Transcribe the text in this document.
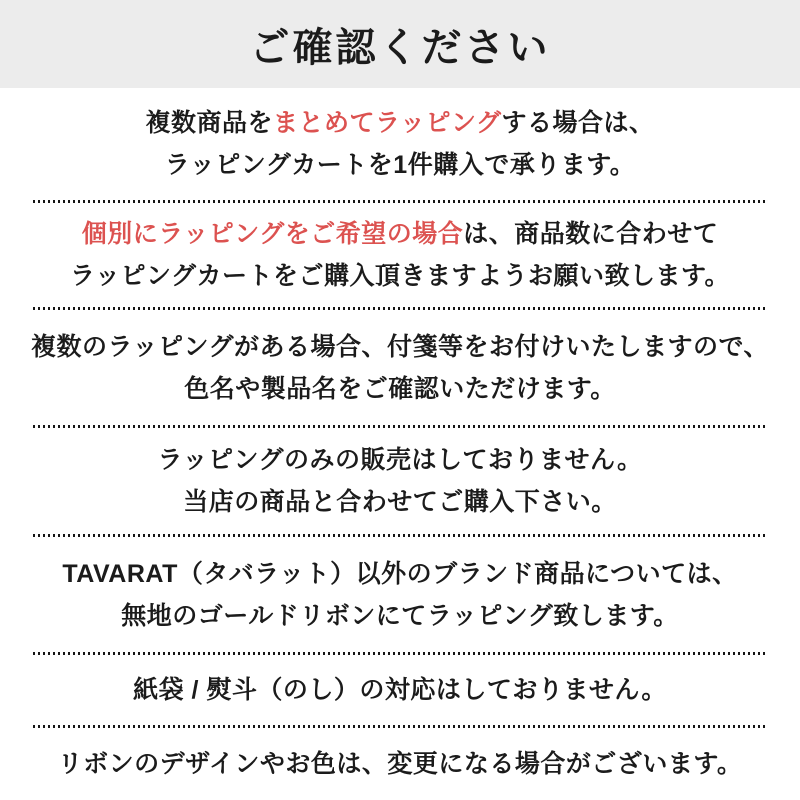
ご確認ください

複数商品をまとめてラッピングする場合は、

ラッピングカートを1件購入で承ります。

個別にラッピングをご希望の場合は、商品数に合わせて

ラッピングカートをご購入頂きますようお願い致します。

複数のラッピングがある場合、付箋等をお付けいたしますので、

色名や製品名をご確認いただけます。

ラッピングのみの販売はしておりません。

当店の商品と合わせてご購入下さい。

TAVARAT（タバラット）以外のブランド商品については、

無地のゴールドリボンにてラッピング致します。

紙袋 / 熨斗（のし）の対応はしておりません。

リボンのデザインやお色は、変更になる場合がございます。
